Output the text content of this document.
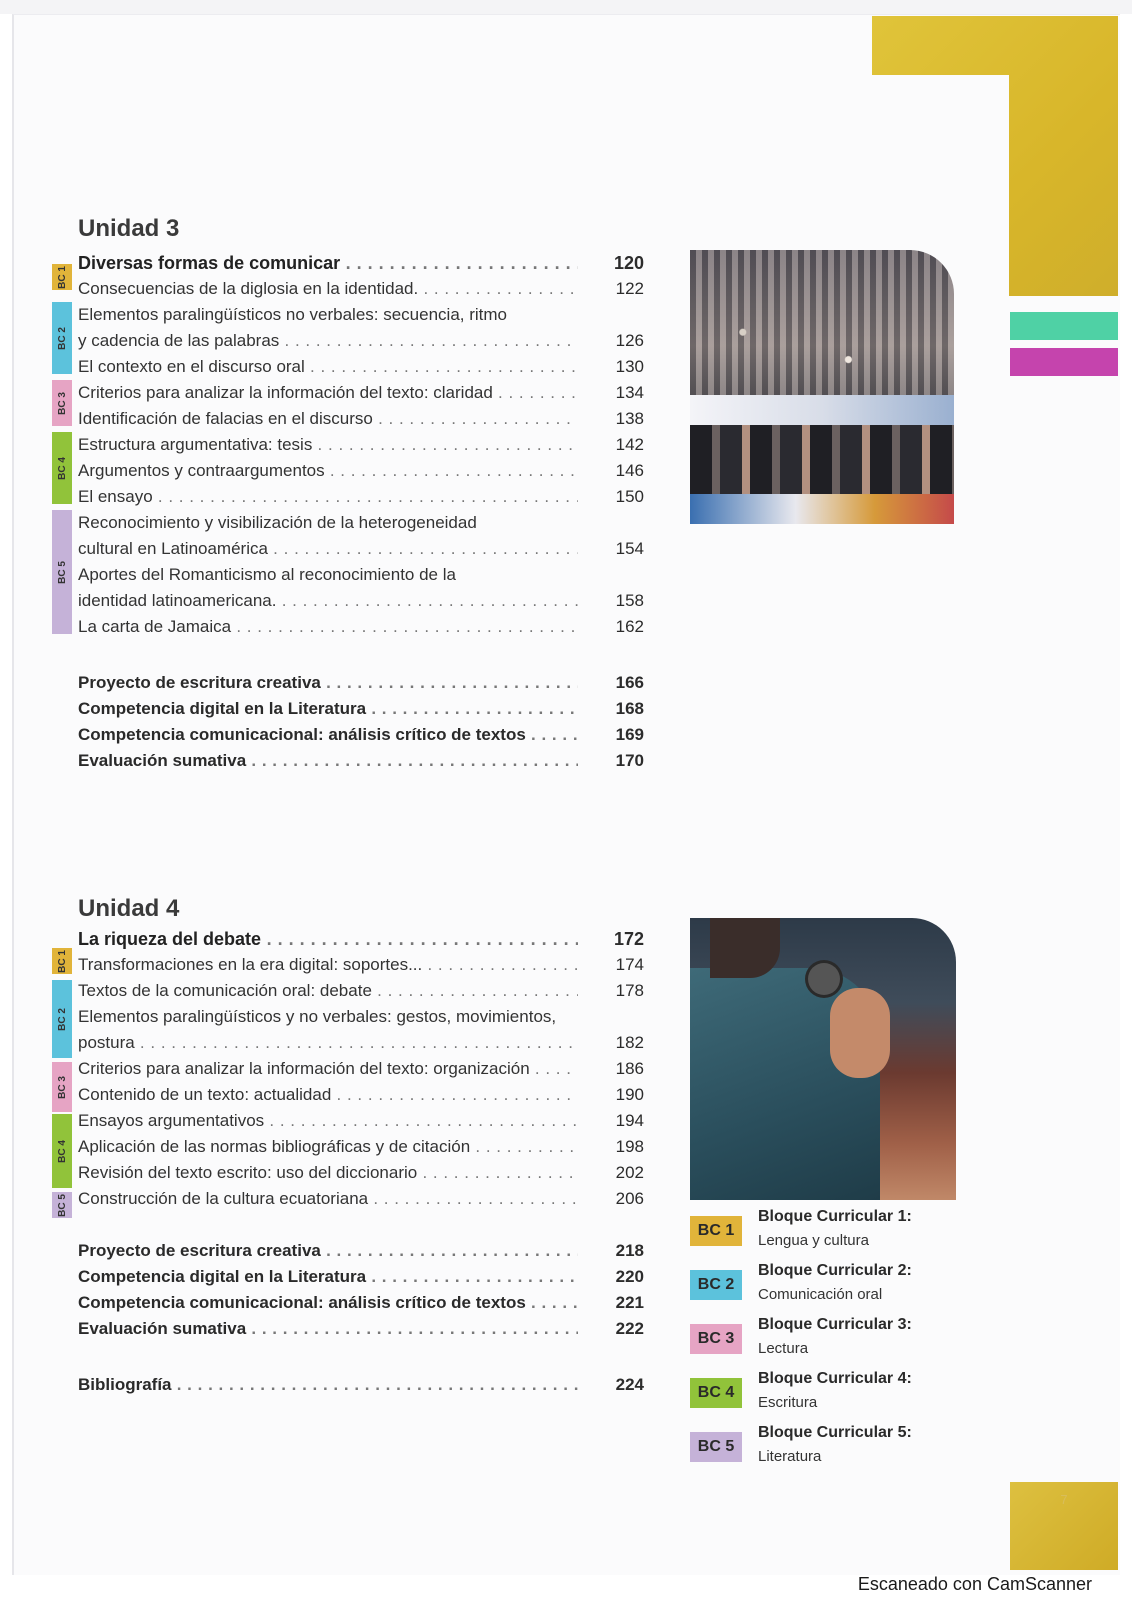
7
Unidad 3
BC 1
BC 2
BC 3
BC 4
BC 5
Diversas formas de comunicar . . .	120
Consecuencias de la diglosia en la identidad. . . .	122
Elementos paralingüísticos no verbales: secuencia, ritmo
y cadencia de las palabras . . .	126
El contexto en el discurso oral . . .	130
Criterios para analizar la información del texto: claridad . . .	134
Identificación de falacias en el discurso . . .	138
Estructura argumentativa: tesis . . .	142
Argumentos y contraargumentos . . .	146
El ensayo . . .	150
Reconocimiento y visibilización de la heterogeneidad
cultural en Latinoamérica . . .	154
Aportes del Romanticismo al reconocimiento de la
identidad latinoamericana. . . .	158
La carta de Jamaica . . .	162
Proyecto de escritura creativa . . .	166
Competencia digital en la Literatura . . .	168
Competencia comunicacional: análisis crítico de textos . . .	169
Evaluación sumativa . . .	170
Unidad 4
BC 1
BC 2
BC 3
BC 4
BC 5
La riqueza del debate . . .	172
Transformaciones en la era digital: soportes... . . .	174
Textos de la comunicación oral: debate . . .	178
Elementos paralingüísticos y no verbales: gestos, movimientos,
postura . . .	182
Criterios para analizar la información del texto: organización . . .	186
Contenido de un texto: actualidad . . .	190
Ensayos argumentativos . . .	194
Aplicación de las normas bibliográficas y de citación . . .	198
Revisión del texto escrito: uso del diccionario . . .	202
Construcción de la cultura ecuatoriana . . .	206
Proyecto de escritura creativa . . .	218
Competencia digital en la Literatura . . .	220
Competencia comunicacional: análisis crítico de textos . . .	221
Evaluación sumativa . . .	222
Bibliografía . . .	224
BC 1
Bloque Curricular 1:
Lengua y cultura
BC 2
Bloque Curricular 2:
Comunicación oral
BC 3
Bloque Curricular 3:
Lectura
BC 4
Bloque Curricular 4:
Escritura
BC 5
Bloque Curricular 5:
Literatura
Escaneado con CamScanner
